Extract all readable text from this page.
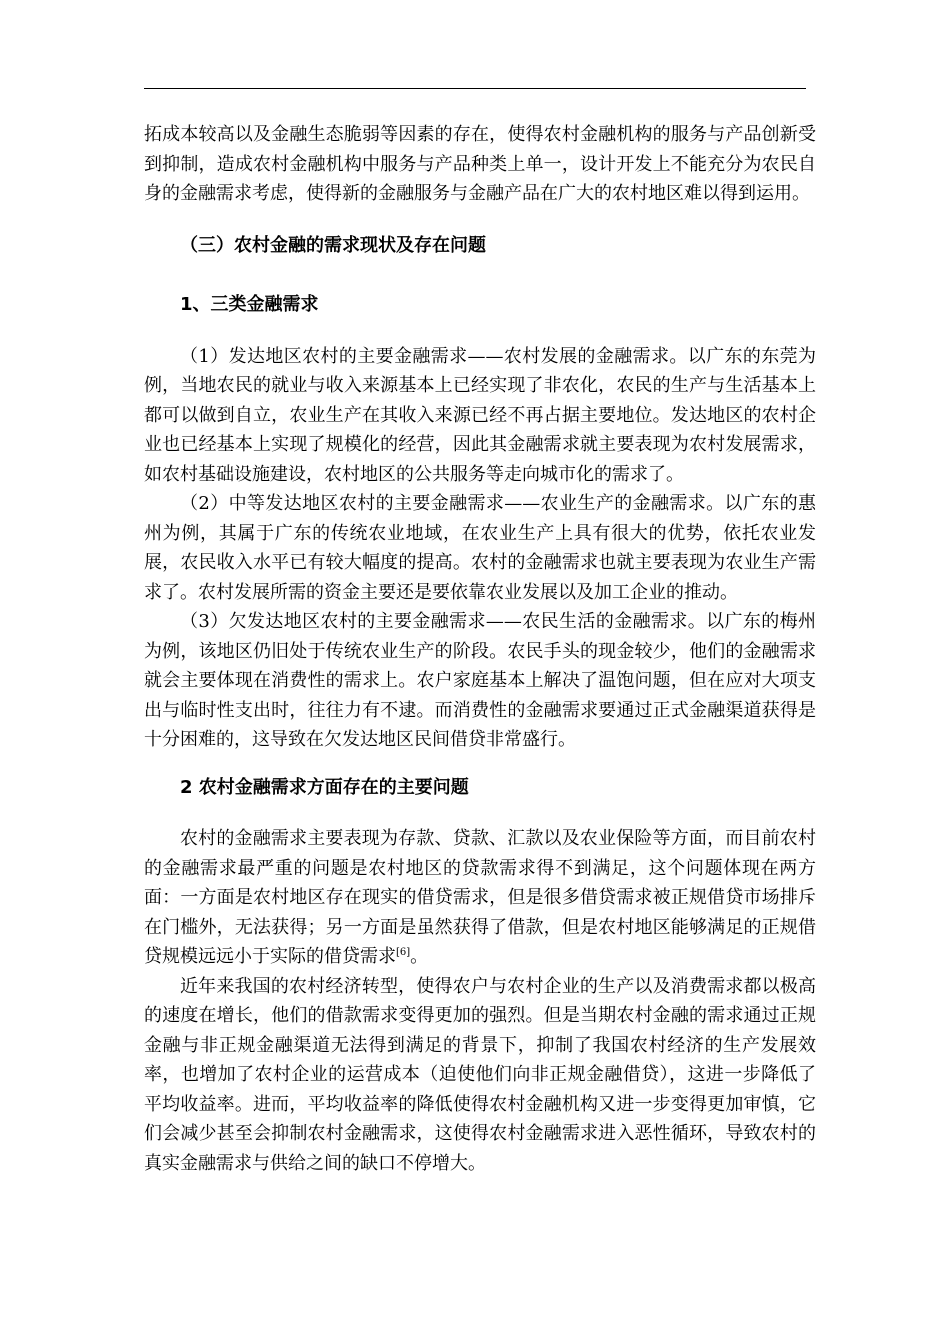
拓成本较高以及金融生态脆弱等因素的存在，使得农村金融机构的服务与产品创新受到抑制，造成农村金融机构中服务与产品种类上单一，设计开发上不能充分为农民自身的金融需求考虑，使得新的金融服务与金融产品在广大的农村地区难以得到运用。

（三）农村金融的需求现状及存在问题
1、三类金融需求

（1）发达地区农村的主要金融需求——农村发展的金融需求。以广东的东莞为例，当地农民的就业与收入来源基本上已经实现了非农化，农民的生产与生活基本上都可以做到自立，农业生产在其收入来源已经不再占据主要地位。发达地区的农村企业也已经基本上实现了规模化的经营，因此其金融需求就主要表现为农村发展需求，如农村基础设施建设，农村地区的公共服务等走向城市化的需求了。

（2）中等发达地区农村的主要金融需求——农业生产的金融需求。以广东的惠州为例，其属于广东的传统农业地域，在农业生产上具有很大的优势，依托农业发展，农民收入水平已有较大幅度的提高。农村的金融需求也就主要表现为农业生产需求了。农村发展所需的资金主要还是要依靠农业发展以及加工企业的推动。

（3）欠发达地区农村的主要金融需求——农民生活的金融需求。以广东的梅州为例，该地区仍旧处于传统农业生产的阶段。农民手头的现金较少，他们的金融需求就会主要体现在消费性的需求上。农户家庭基本上解决了温饱问题，但在应对大项支出与临时性支出时，往往力有不逮。而消费性的金融需求要通过正式金融渠道获得是十分困难的，这导致在欠发达地区民间借贷非常盛行。

2 农村金融需求方面存在的主要问题

农村的金融需求主要表现为存款、贷款、汇款以及农业保险等方面，而目前农村的金融需求最严重的问题是农村地区的贷款需求得不到满足，这个问题体现在两方面：一方面是农村地区存在现实的借贷需求，但是很多借贷需求被正规借贷市场排斥在门槛外，无法获得；另一方面是虽然获得了借款，但是农村地区能够满足的正规借贷规模远远小于实际的借贷需求[6]。

近年来我国的农村经济转型，使得农户与农村企业的生产以及消费需求都以极高的速度在增长，他们的借款需求变得更加的强烈。但是当期农村金融的需求通过正规金融与非正规金融渠道无法得到满足的背景下，抑制了我国农村经济的生产发展效率，也增加了农村企业的运营成本（迫使他们向非正规金融借贷），这进一步降低了平均收益率。进而，平均收益率的降低使得农村金融机构又进一步变得更加审慎，它们会减少甚至会抑制农村金融需求，这使得农村金融需求进入恶性循环，导致农村的真实金融需求与供给之间的缺口不停增大。
